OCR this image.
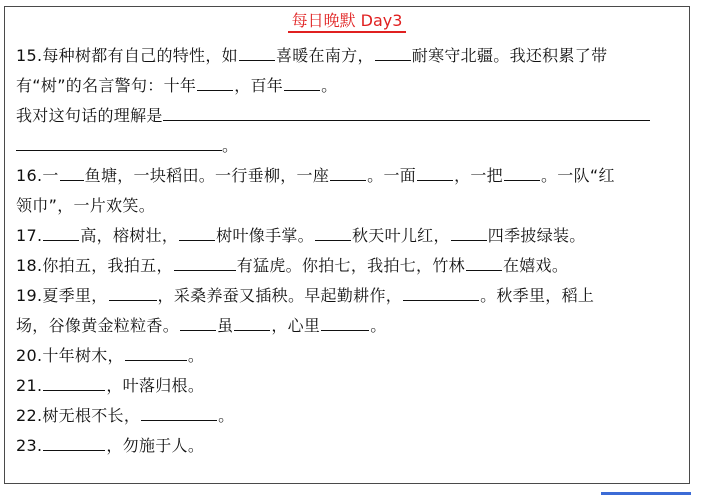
每日晚默 Day3
15.每种树都有自己的特性，如 喜暖在南方， 耐寒守北疆。我还积累了带
有“树”的名言警句：十年 ，百年 。
我对这句话的理解是
。
16.一 鱼塘，一块稻田。一行垂柳，一座 。一面 ，一把 。一队“红
领巾”，一片欢笑。
17. 高，榕树壮， 树叶像手掌。 秋天叶儿红， 四季披绿装。
18.你拍五，我拍五，	有猛虎。你拍七，我拍七，竹林 在嬉戏。
19.夏季里，	，采桑养蚕又插秧。早起勤耕作，	。秋季里，稻上
场，谷像黄金粒粒香。 虽 ，心里	。
20.十年树木，	。
21.	，叶落归根。
22.树无根不长，	。
23.	，勿施于人。
